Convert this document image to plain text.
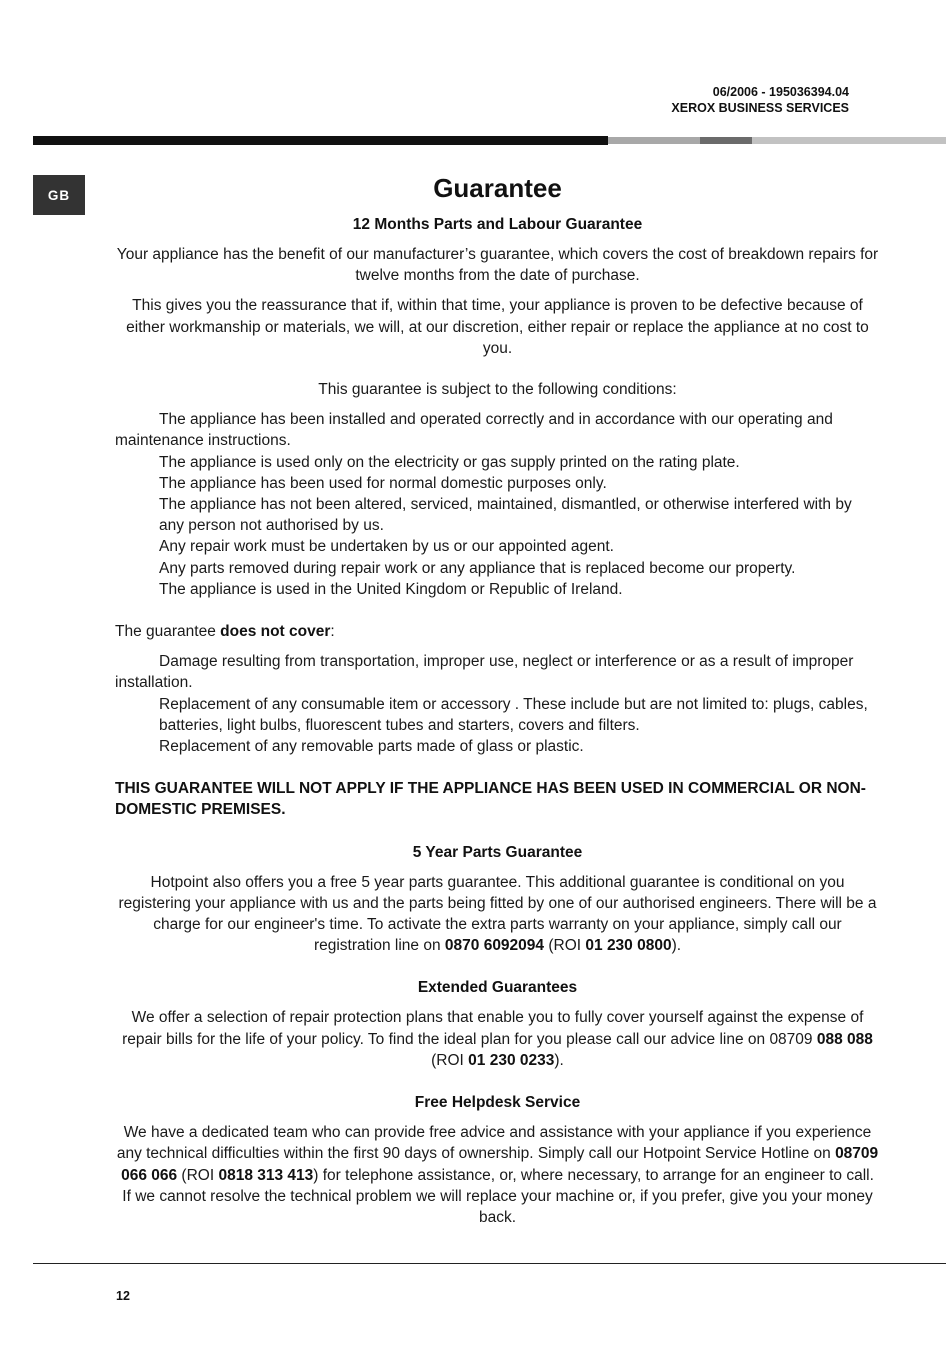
06/2006 - 195036394.04
XEROX BUSINESS SERVICES
GB	Guarantee
12 Months Parts and Labour Guarantee

Your appliance has the benefit of our manufacturer’s guarantee, which covers the cost of breakdown repairs for twelve months from the date of purchase.

This gives you the reassurance that if, within that time, your appliance is proven to be defective because of either workmanship or materials, we will, at our discretion, either repair or replace the appliance at no cost to you.

This guarantee is subject to the following conditions:

The appliance has been installed and operated correctly and in accordance with our operating and maintenance instructions.

The appliance is used only on the electricity or gas supply printed on the rating plate.

The appliance has been used for normal domestic purposes only.

The appliance has not been altered, serviced, maintained, dismantled, or otherwise interfered with by any person not authorised by us.

Any repair work must be undertaken by us or our appointed agent.

Any parts removed during repair work or any appliance that is replaced become our property.

The appliance is used in the United Kingdom or Republic of Ireland.

The guarantee does not cover:

Damage resulting from transportation, improper use, neglect or interference or as a result of improper installation.

Replacement of any consumable item or accessory . These include but are not limited to: plugs, cables, batteries, light bulbs, fluorescent tubes and starters, covers and filters.

Replacement of any removable parts made of glass or plastic.

THIS GUARANTEE WILL NOT APPLY IF THE APPLIANCE HAS BEEN USED IN COMMERCIAL OR NON-DOMESTIC PREMISES.

5 Year Parts Guarantee

Hotpoint also offers you a free 5 year parts guarantee. This additional guarantee is conditional on you registering your appliance with us and the parts being fitted by one of our authorised engineers. There will be a charge for our engineer's time. To activate the extra parts warranty on your appliance, simply call our registration line on 0870 6092094 (ROI 01 230 0800).

Extended Guarantees

We offer a selection of repair protection plans that enable you to fully cover yourself against the expense of repair bills for the life of your policy. To find the ideal plan for you please call our advice line on 08709 088 088 (ROI 01 230 0233).

Free Helpdesk Service

We have a dedicated team who can provide free advice and assistance with your appliance if you experience any technical difficulties within the first 90 days of ownership. Simply call our Hotpoint Service Hotline on 08709 066 066 (ROI 0818 313 413) for telephone assistance, or, where necessary, to arrange for an engineer to call. If we cannot resolve the technical problem we will replace your machine or, if you prefer, give you your money back.

12
